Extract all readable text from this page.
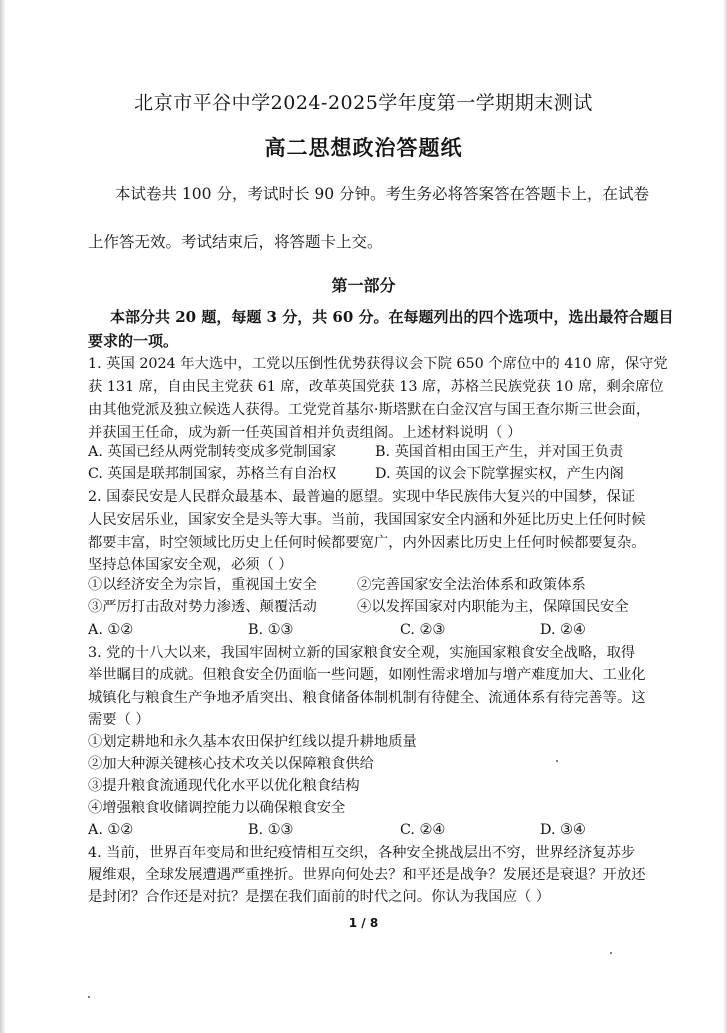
北京市平谷中学2024-2025学年度第一学期期末测试
高二思想政治答题纸
本试卷共 100 分，考试时长 90 分钟。考生务必将答案答在答题卡上，在试卷
上作答无效。考试结束后，将答题卡上交。
第一部分
本部分共 20 题，每题 3 分，共 60 分。在每题列出的四个选项中，选出最符合题目
要求的一项。
1. 英国 2024 年大选中，工党以压倒性优势获得议会下院 650 个席位中的 410 席，保守党
获 131 席，自由民主党获 61 席，改革英国党获 13 席，苏格兰民族党获 10 席，剩余席位
由其他党派及独立候选人获得。工党党首基尔·斯塔默在白金汉宫与国王查尔斯三世会面，
并获国王任命，成为新一任英国首相并负责组阁。上述材料说明（ ）
A. 英国已经从两党制转变成多党制国家	B. 英国首相由国王产生，并对国王负责
C. 英国是联邦制国家，苏格兰有自治权	D. 英国的议会下院掌握实权，产生内阁
2. 国泰民安是人民群众最基本、最普遍的愿望。实现中华民族伟大复兴的中国梦，保证
人民安居乐业，国家安全是头等大事。当前，我国国家安全内涵和外延比历史上任何时候
都要丰富，时空领域比历史上任何时候都要宽广，内外因素比历史上任何时候都要复杂。
坚持总体国家安全观，必须（ ）
①以经济安全为宗旨，重视国土安全	②完善国家安全法治体系和政策体系
③严厉打击敌对势力渗透、颠覆活动	④以发挥国家对内职能为主，保障国民安全
A. ①②	B. ①③	C. ②③	D. ②④
3. 党的十八大以来，我国牢固树立新的国家粮食安全观，实施国家粮食安全战略，取得
举世瞩目的成就。但粮食安全仍面临一些问题，如刚性需求增加与增产难度加大、工业化
城镇化与粮食生产争地矛盾突出、粮食储备体制机制有待健全、流通体系有待完善等。这
需要（ ）
①划定耕地和永久基本农田保护红线以提升耕地质量
②加大种源关键核心技术攻关以保障粮食供给
③提升粮食流通现代化水平以优化粮食结构
④增强粮食收储调控能力以确保粮食安全
A. ①②	B. ①③	C. ②④	D. ③④
4. 当前，世界百年变局和世纪疫情相互交织，各种安全挑战层出不穷，世界经济复苏步
履维艰，全球发展遭遇严重挫折。世界向何处去？和平还是战争？发展还是衰退？开放还
是封闭？合作还是对抗？是摆在我们面前的时代之问。你认为我国应（ ）
1 / 8
